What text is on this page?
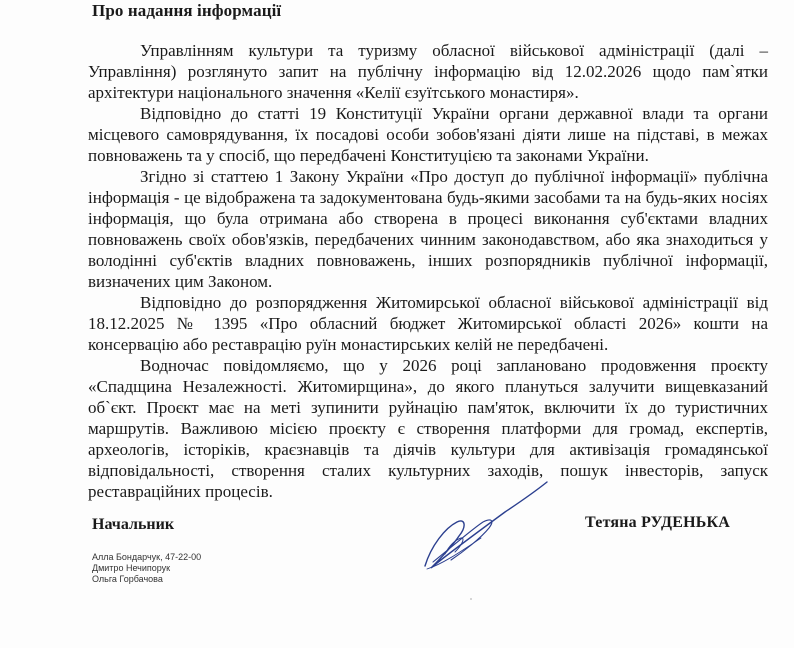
Про надання інформації

Управлінням культури та туризму обласної військової адміністрації (далі – Управління) розглянуто запит на публічну інформацію від 12.02.2026 щодо пам`ятки архітектури національного значення «Келії єзуїтського монастиря».

Відповідно до статті 19 Конституції України органи державної влади та органи місцевого самоврядування, їх посадові особи зобов'язані діяти лише на підставі, в межах повноважень та у спосіб, що передбачені Конституцією та законами України.

Згідно зі статтею 1 Закону України «Про доступ до публічної інформації» публічна інформація - це відображена та задокументована будь-якими засобами та на будь-яких носіях інформація, що була отримана або створена в процесі виконання суб'єктами владних повноважень своїх обов'язків, передбачених чинним законодавством, або яка знаходиться у володінні суб'єктів владних повноважень, інших розпорядників публічної інформації, визначених цим Законом.

Відповідно до розпорядження Житомирської обласної військової адміністрації від 18.12.2025 № 1395 «Про обласний бюджет Житомирської області 2026» кошти на консервацію або реставрацію руїн монастирських келій не передбачені.

Водночас повідомляємо, що у 2026 році заплановано продовження проєкту «Спадщина Незалежності. Житомирщина», до якого плануться залучити вищевказаний об`єкт. Проєкт має на меті зупинити руйнацію пам'яток, включити їх до туристичних маршрутів. Важливою місією проєкту є створення платформи для громад, експертів, археологів, історіків, краєзнавців та діячів культури для активізація громадянської відповідальності, створення сталих культурних заходів, пошук інвесторів, запуск реставраційних процесів.

Начальник	Тетяна РУДЕНЬКА

Алла Бондарчук, 47-22-00
Дмитро Нечипорук
Ольга Горбачова
